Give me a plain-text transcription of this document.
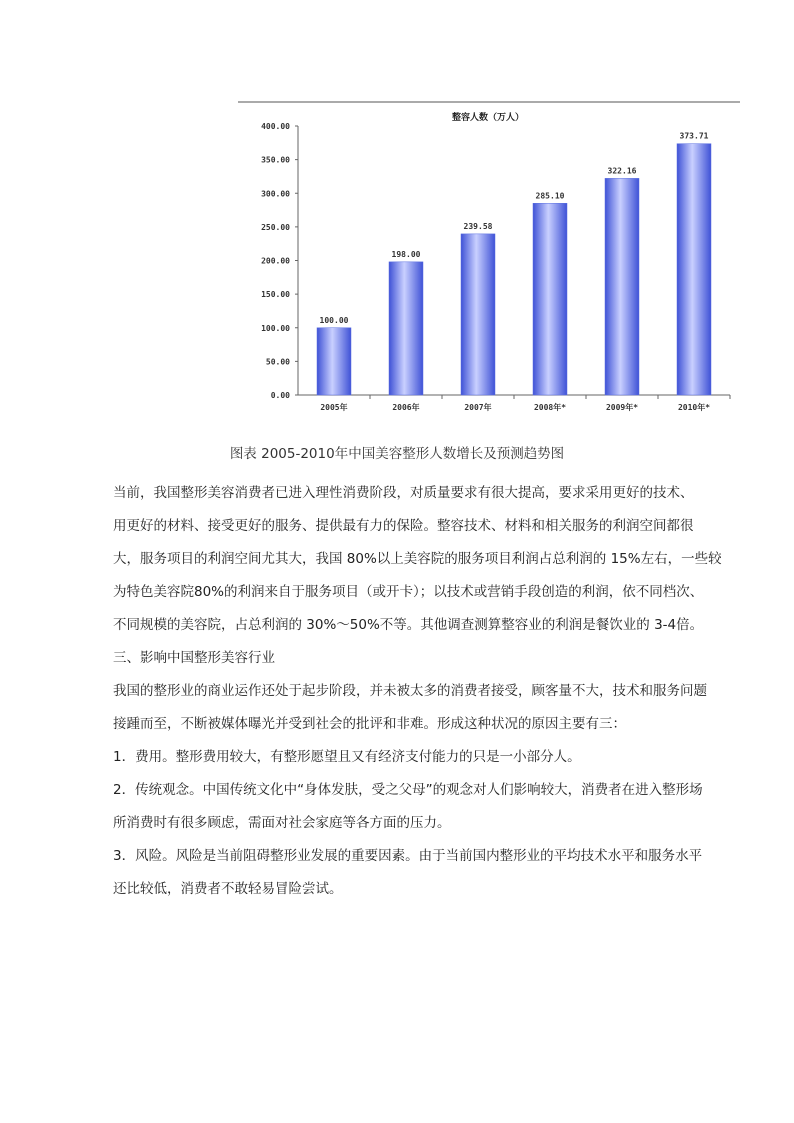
整容人数（万人）
0.00
50.00
100.00
150.00
200.00
250.00
300.00
350.00
400.00
100.00
2005年
198.00
2006年
239.58
2007年
285.10
2008年*
322.16
2009年*
373.71
2010年*
图表 2005-2010年中国美容整形人数增长及预测趋势图
当前，我国整形美容消费者已进入理性消费阶段，对质量要求有很大提高，要求采用更好的技术、
用更好的材料、接受更好的服务、提供最有力的保险。整容技术、材料和相关服务的利润空间都很
大，服务项目的利润空间尤其大，我国 80%以上美容院的服务项目利润占总利润的 15%左右，一些较
为特色美容院80%的利润来自于服务项目（或开卡）；以技术或营销手段创造的利润，依不同档次、
不同规模的美容院，占总利润的 30%～50%不等。其他调查测算整容业的利润是餐饮业的 3-4倍。
三、影响中国整形美容行业
我国的整形业的商业运作还处于起步阶段，并未被太多的消费者接受，顾客量不大，技术和服务问题
接踵而至，不断被媒体曝光并受到社会的批评和非难。形成这种状况的原因主要有三：
1．费用。整形费用较大，有整形愿望且又有经济支付能力的只是一小部分人。
2．传统观念。中国传统文化中“身体发肤，受之父母”的观念对人们影响较大，消费者在进入整形场
所消费时有很多顾虑，需面对社会家庭等各方面的压力。
3．风险。风险是当前阻碍整形业发展的重要因素。由于当前国内整形业的平均技术水平和服务水平
还比较低，消费者不敢轻易冒险尝试。
